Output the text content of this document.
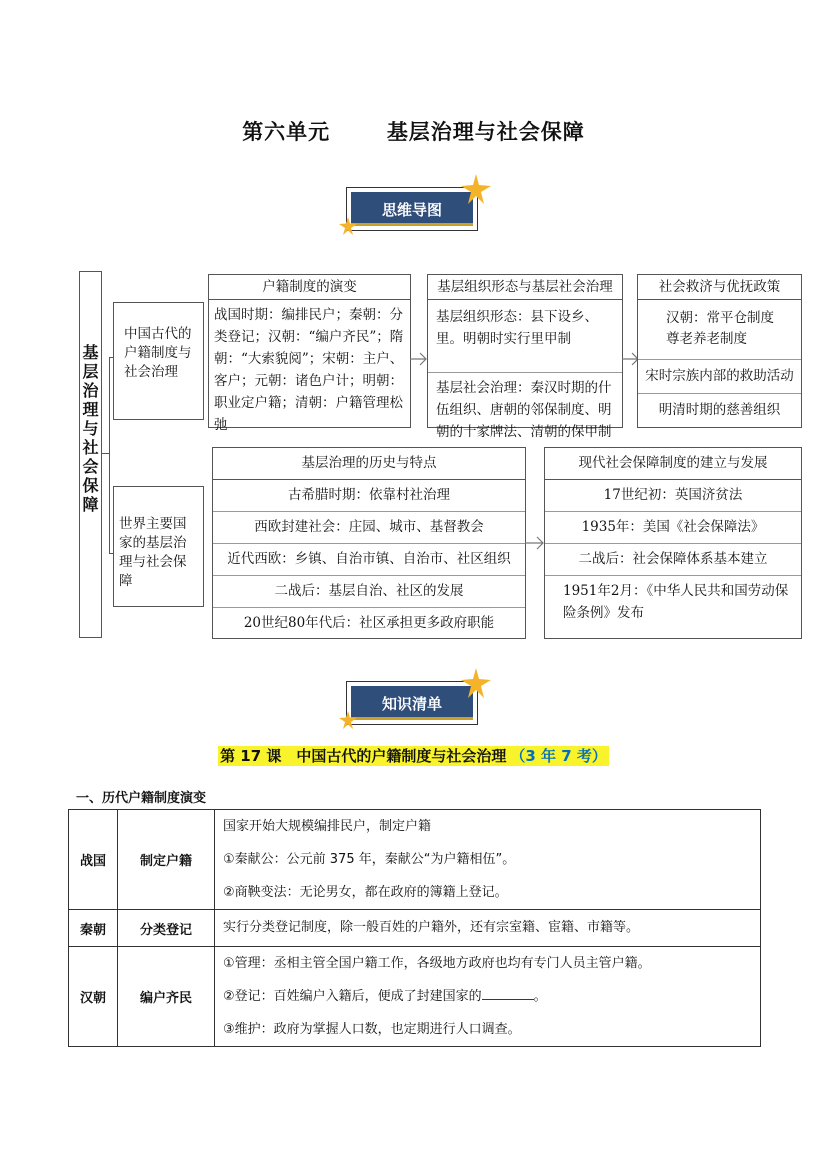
第六单元	基层治理与社会保障
思维导图
基层治理与社会保障
中国古代的户籍制度与社会治理
户籍制度的演变
战国时期：编排民户；秦朝：分类登记；汉朝：“编户齐民”；隋朝：“大索貌阅”；宋朝：主户、客户；元朝：诸色户计；明朝：职业定户籍；清朝：户籍管理松弛
基层组织形态与基层社会治理
基层组织形态：县下设乡、里。明朝时实行里甲制
基层社会治理：秦汉时期的什伍组织、唐朝的邻保制度、明朝的十家牌法、清朝的保甲制
社会救济与优抚政策
汉朝：常平仓制度尊老养老制度
宋时宗族内部的救助活动
明清时期的慈善组织
世界主要国家的基层治理与社会保障
基层治理的历史与特点
古希腊时期：依靠村社治理
西欧封建社会：庄园、城市、基督教会
近代西欧：乡镇、自治市镇、自治市、社区组织
二战后：基层自治、社区的发展
20世纪80年代后：社区承担更多政府职能
现代社会保障制度的建立与发展
17世纪初：英国济贫法
1935年：美国《社会保障法》
二战后：社会保障体系基本建立
1951年2月：《中华人民共和国劳动保险条例》发布
知识清单
第 17 课　中国古代的户籍制度与社会治理 （3 年 7 考）
一、历代户籍制度演变
战国	制定户籍	国家开始大规模编排民户，制定户籍
①秦献公：公元前 375 年，秦献公“为户籍相伍”。
②商鞅变法：无论男女，都在政府的簿籍上登记。

秦朝	分类登记	实行分类登记制度，除一般百姓的户籍外，还有宗室籍、宦籍、市籍等。

汉朝	编户齐民	①管理：丞相主管全国户籍工作，各级地方政府也均有专门人员主管户籍。
②登记：百姓编户入籍后，便成了封建国家的 。
③维护：政府为掌握人口数，也定期进行人口调查。
